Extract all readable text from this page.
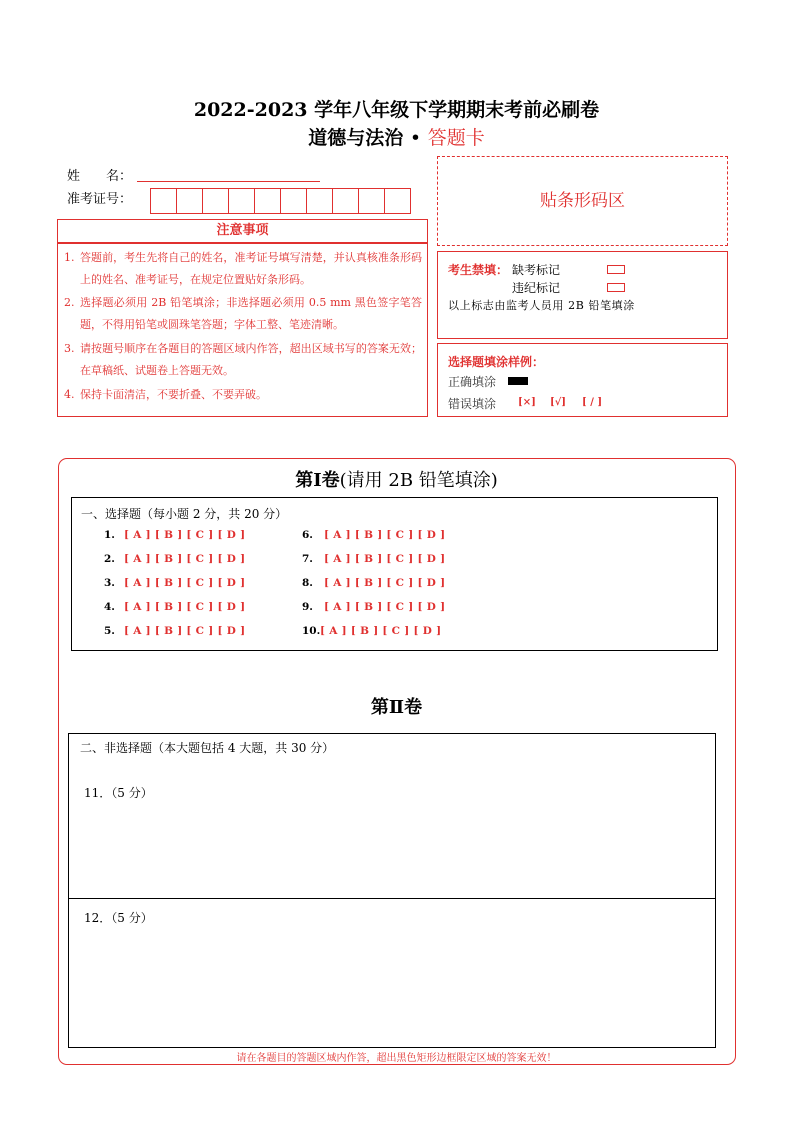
2022-2023 学年八年级下学期期末考前必刷卷
道德与法治 • 答题卡
姓　　名：
准考证号：
注意事项
1. 答题前，考生先将自己的姓名，准考证号填写清楚，并认真核准条形码上的姓名、准考证号，在规定位置贴好条形码。
2. 选择题必须用 2B 铅笔填涂；非选择题必须用 0.5 mm 黑色签字笔答题，不得用铅笔或圆珠笔答题；字体工整、笔迹清晰。
3. 请按题号顺序在各题目的答题区域内作答，超出区域书写的答案无效；在草稿纸、试题卷上答题无效。
4. 保持卡面清洁，不要折叠、不要弄破。
贴条形码区
考生禁填： 缺考标记
违纪标记
以上标志由监考人员用 2B 铅笔填涂
选择题填涂样例：
正确填涂
错误填涂 [×] [√] [ / ]
第Ⅰ卷(请用 2B 铅笔填涂)
一、选择题（每小题 2 分，共 20 分）
1. [ A ] [ B ] [ C ] [ D ]
2. [ A ] [ B ] [ C ] [ D ]
3. [ A ] [ B ] [ C ] [ D ]
4. [ A ] [ B ] [ C ] [ D ]
5. [ A ] [ B ] [ C ] [ D ]
6. [ A ] [ B ] [ C ] [ D ]
7. [ A ] [ B ] [ C ] [ D ]
8. [ A ] [ B ] [ C ] [ D ]
9. [ A ] [ B ] [ C ] [ D ]
10.[ A ] [ B ] [ C ] [ D ]
第Ⅱ卷
二、非选择题（本大题包括 4 大题，共 30 分）
11．（5 分）
12．（5 分）
请在各题目的答题区域内作答，超出黑色矩形边框限定区域的答案无效！
